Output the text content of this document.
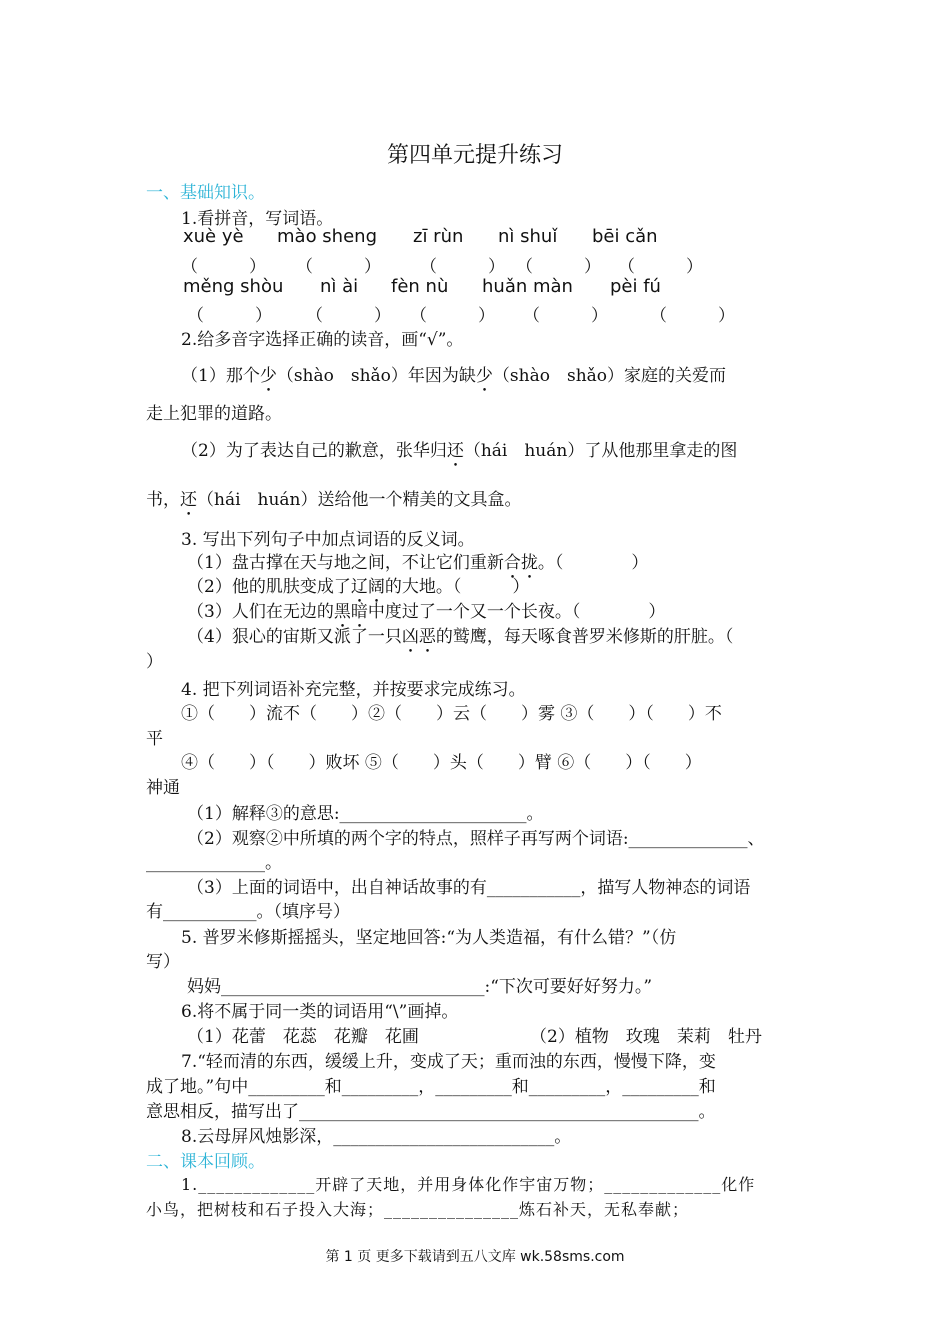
第四单元提升练习
一、基础知识。
1.看拼音，写词语。
xuè yè mào sheng zī rùn nì shuǐ bēi cǎn
（　　　） （　　　） （　　　） （　　　） （　　　）
měng shòu nì ài fèn nù huǎn màn pèi fú
（　　　） （　　　） （　　　） （　　　） （　　　）
2.给多音字选择正确的读音，画“√”。
（1）那个少（shào　shǎo）年因为缺少（shào　shǎo）家庭的关爱而
走上犯罪的道路。
（2）为了表达自己的歉意，张华归还（hái　huán）了从他那里拿走的图
书，还（hái　huán）送给他一个精美的文具盒。
3. 写出下列句子中加点词语的反义词。
（1）盘古撑在天与地之间，不让它们重新合拢。（　　　　）
（2）他的肌肤变成了辽阔的大地。（　　　）
（3）人们在无边的黑暗中度过了一个又一个长夜。（　　　　）
（4）狠心的宙斯又派了一只凶恶的鹫鹰，每天啄食普罗米修斯的肝脏。（
）
4. 把下列词语补充完整，并按要求完成练习。
①（　　）流不（　　）②（　　）云（　　）雾 ③（　　）（　　）不
平
④（　　）（　　）败坏 ⑤（　　）头（　　）臂 ⑥（　　）（　　）
神通
（1）解释③的意思:______________________。
（2）观察②中所填的两个字的特点，照样子再写两个词语:______________、
______________。
（3）上面的词语中，出自神话故事的有___________，描写人物神态的词语
有___________。（填序号）
5. 普罗米修斯摇摇头，坚定地回答:“为人类造福，有什么错？”（仿
写）
妈妈_______________________________:“下次可要好好努力。”
6.将不属于同一类的词语用“\”画掉。
（1）花蕾　花蕊　花瓣　花圃	（2）植物　玫瑰　茉莉　牡丹
7.“轻而清的东西，缓缓上升，变成了天；重而浊的东西，慢慢下降，变
成了地。”句中_________和_________，_________和_________，_________和
意思相反，描写出了_______________________________________________。
8.云母屏风烛影深，__________________________。
二、课本回顾。
1._____________开辟了天地，并用身体化作宇宙万物；_____________化作
小鸟，把树枝和石子投入大海；_______________炼石补天，无私奉献；
第 1 页 更多下载请到五八文库 wk.58sms.com
